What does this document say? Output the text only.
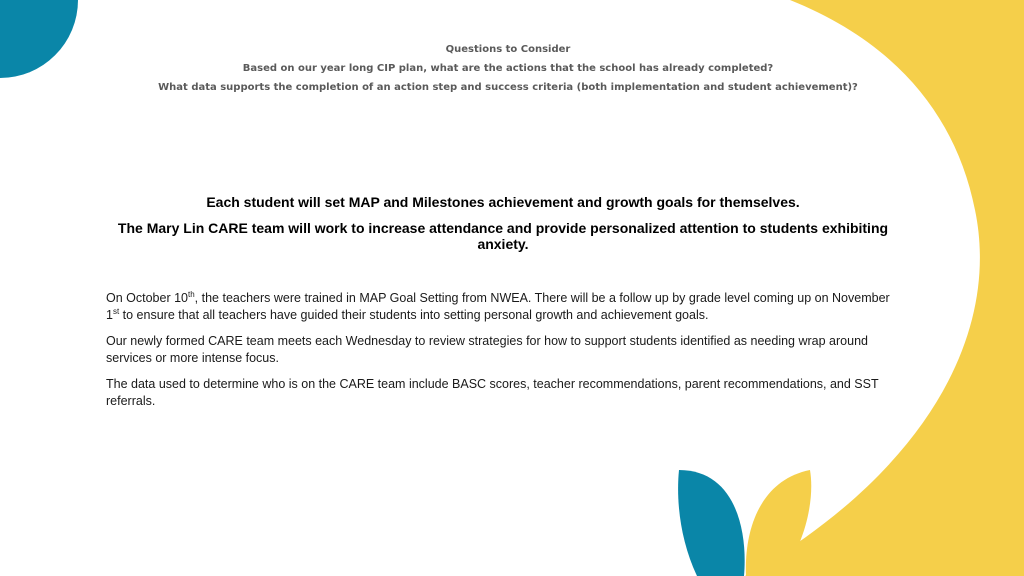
Questions to Consider
Based on our year long CIP plan, what are the actions that the school has already completed?
What data supports the completion of an action step and success criteria (both implementation and student achievement)?
Each student will set MAP and Milestones achievement and growth goals for themselves.
The Mary Lin CARE team will work to increase attendance and provide personalized attention to students exhibiting anxiety.

On October 10th, the teachers were trained in MAP Goal Setting from NWEA. There will be a follow up by grade level coming up on November 1st to ensure that all teachers have guided their students into setting personal growth and achievement goals.

Our newly formed CARE team meets each Wednesday to review strategies for how to support students identified as needing wrap around services or more intense focus.

The data used to determine who is on the CARE team include BASC scores, teacher recommendations, parent recommendations, and SST referrals.
